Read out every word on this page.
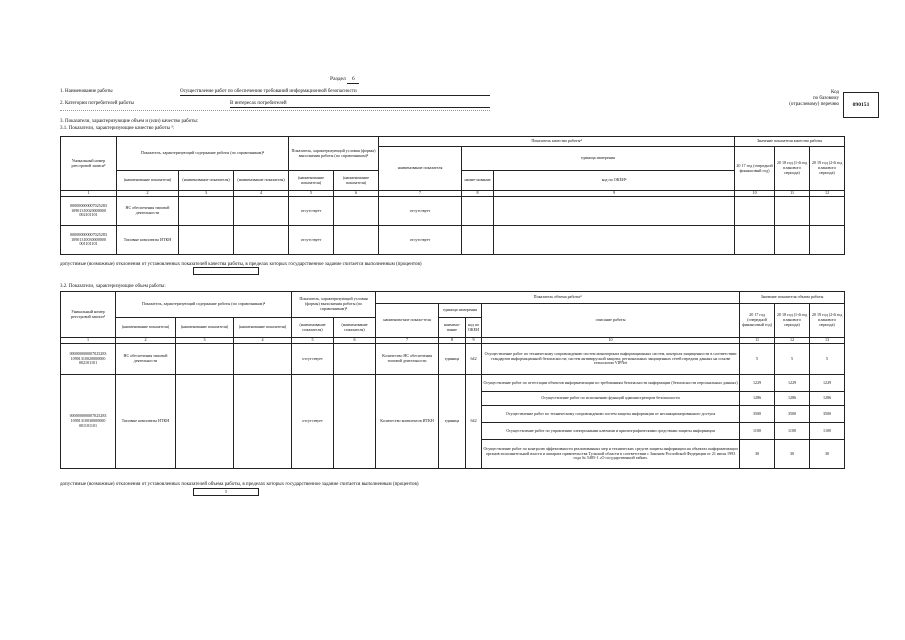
Раздел 6
1. Наименование работы	Осуществление работ по обеспечению требований информационной безопасности
2. Категории потребителей работы	В интересах потребителей
Код
по базовому
(отраслевому) перечню	090151
3. Показатели, характеризующие объем и (или) качество работы:
3.1. Показатели, характеризующие качество работы ³:
Уникальный номер реестровой записи⁴	Показатель, характеризующий содержание работы (по справочникам)⁴			Показатель, характеризующий условия (формы) выполнения работы (по справочникам)⁴		Показатель качества работы⁴			Значение показателя качества работы		
						наименование показателя	единица измерения		20 17 год (очередной финансовый год)	20 18 год (1-й год планового периода)	20 19 год (2-й год планового периода)
	(наименование показателя)	(наименование показателя)	(наименование показателя)	(наименование показателя)	(наименование показателя)		наиме-нование	код по ОКЕИ⁴			
1	2	3	4	5	6	7	8	9	10	11	12
000000000007025283 10901310020000000 002101101	НС обеспечения типовой деятельности			отсутствует		отсутствует					
000000000007025283 10901310030000000 001101101	Типовые комплекты ИТКН			отсутствует		отсутствует					
допустимые (возможные) отклонения от установленных показателей качества работы, в пределах которых государственное задание считается выполненным (процентов)
3.2. Показатели, характеризующие объем работы:
Уникальный номер реестровой записи⁴	Показатель, характеризующий содержание работы (по справочникам)⁴			Показатель, характеризующий условия (формы) выполнения работы (по справочникам)⁴		Показатель объема работы⁴				Значение показателя объема работы		
						наименова-ние показа-теля	единица измерения		описание работы	20 17 год (очередной финансовый год)	20 18 год (1-й год планового периода)	20 19 год (2-й год планового периода)
	(наименование показателя)	(наименование показателя)	(наименование показателя)	(наименование показателя)	(наименование показателя)		наимено-вание	код по ОКЕИ				
1	2	3	4	5	6	7	8	9	10	11	12	13
000000000007025283 10901310020000000 002101101	НС обеспечения типовой деятельности			отсутствует		Количество НС обеспечения типовой деятельности	единица	642	Осуществление работ по техническому сопровождению систем мониторинга информационных систем, контроля защищенности в соответствии стандартов информационной безопасности; систем антивирусной защиты; региональных защищенных сетей передачи данных на основе технологии VIPNet	5	5	5
000000000007025283 10901310030000000 001101101	Типовые комплекты ИТКН			отсутствует		Количество комплектов ИТКН	единица	642	Осуществление работ по аттестации объектов информатизации по требованиям безопасности информации (безопасности персональных данных)	1229	1229	1229
									Осуществление работ по исполнению функций администраторов безопасности	1286	1286	1286
									Осуществление работ по техническому сопровождению систем защиты информации от несанкционированного доступа	3500	3500	3500
									Осуществление работ по управлению электронными ключами и криптографическими средствами защиты информации	1100	1100	1100
									Осуществление работ по контролю эффективности реализованных мер и технических средств защиты информации на объектах информатизации органов исполнительной власти и аппарата правительства Тульской области в соответствии с Законом Российской Федерации от 21 июля 1993 года № 5485-1 «О государственной тайне»	30	30	30
допустимые (возможные) отклонения от установленных показателей объема работы, в пределах которых государственное задание считается выполненным (процентов)
5
